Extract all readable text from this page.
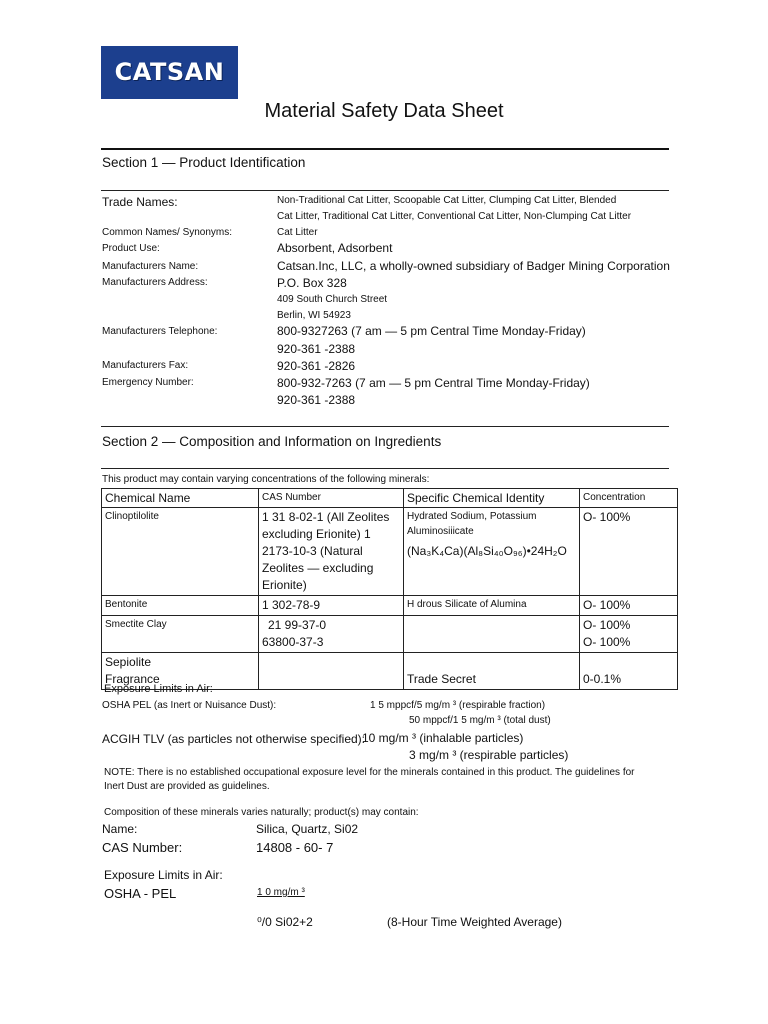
CATSAN
Material Safety Data Sheet
Section 1 — Product Identification
Trade Names:	Non-Traditional Cat Litter, Scoopable Cat Litter, Clumping Cat Litter, Blended
Cat Litter, Traditional Cat Litter, Conventional Cat Litter, Non-Clumping Cat Litter
Common Names/ Synonyms:	Cat Litter
Product Use:	Absorbent, Adsorbent
Manufacturers Name:	Catsan.Inc, LLC, a wholly-owned subsidiary of Badger Mining Corporation
Manufacturers Address:	P.O. Box 328
409 South Church Street
Berlin, WI 54923
Manufacturers Telephone:	800-9327263 (7 am — 5 pm Central Time Monday-Friday)
920-361 -2388
Manufacturers Fax:	920-361 -2826
Emergency Number:	800-932-7263 (7 am — 5 pm Central Time Monday-Friday)
920-361 -2388
Section 2 — Composition and Information on Ingredients
This product may contain varying concentrations of the following minerals:
Chemical Name	CAS Number	Specific Chemical Identity	Concentration

Clinoptilolite	1 31 8-02-1 (All Zeolites
excluding Erionite) 1
2173-10-3 (Natural
Zeolites — excluding
Erionite)	Hydrated Sodium, Potassium
Aluminosiiicate
(Na₃K₄Ca)(Al₈Si₄₀O₉₆)•24H₂O	O- 100%

Bentonite	1 302-78-9	H drous Silicate of Alumina	O- 100%

Smectite Clay	21 99-37-0
63800-37-3		O- 100%
O- 100%

Sepiolite
Fragrance		Trade Secret	0-0.1%
Exposure Limits in Air:
OSHA PEL (as Inert or Nuisance Dust):	1 5 mppcf/5 mg/m ³ (respirable fraction)
50 mppcf/1 5 mg/m ³ (total dust)
ACGIH TLV (as particles not otherwise specified):
10 mg/m ³ (inhalable particles)
3 mg/m ³ (respirable particles)
NOTE: There is no established occupational exposure level for the minerals contained in this product. The guidelines for
Inert Dust are provided as guidelines.
Composition of these minerals varies naturally; product(s) may contain:
Name:	Silica, Quartz, Si02
CAS Number:	14808 - 60- 7
Exposure Limits in Air:
OSHA - PEL	1 0 mg/m ³
⁰/0 Si02+2	(8-Hour Time Weighted Average)
